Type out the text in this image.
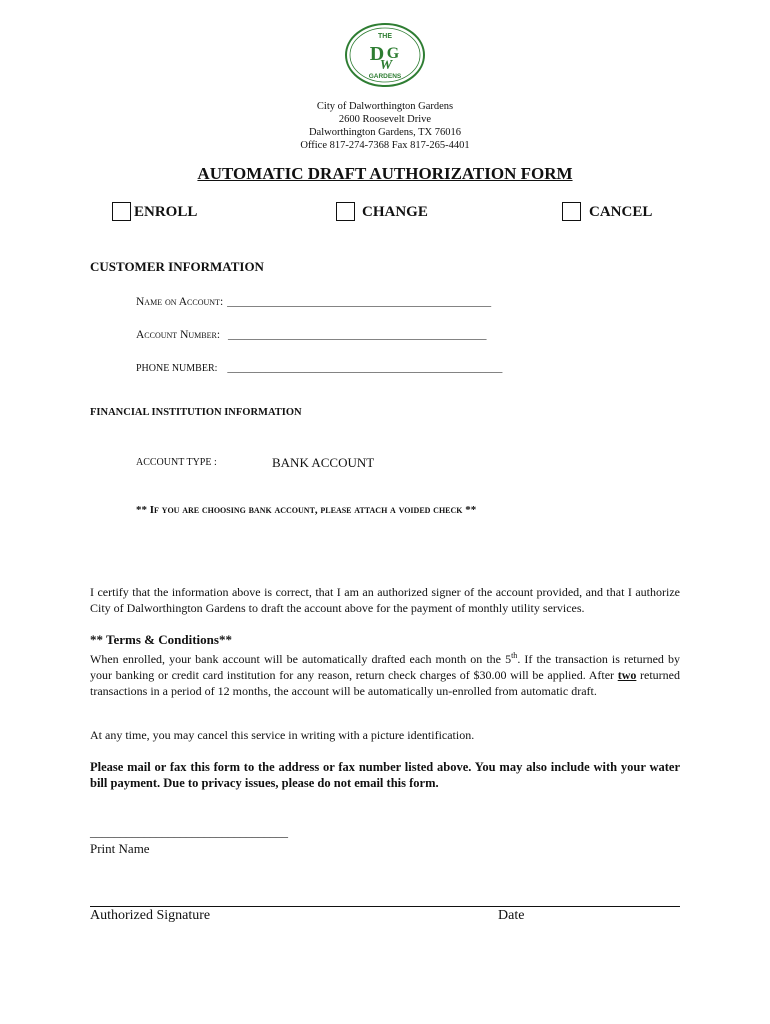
THE
D G
W
GARDENS
City of Dalworthington Gardens
2600 Roosevelt Drive
Dalworthington Gardens, TX 76016
Office 817-274-7368 Fax 817-265-4401
AUTOMATIC DRAFT AUTHORIZATION FORM
ENROLL	CHANGE	CANCEL
CUSTOMER INFORMATION
Name on Account: ________________________________________________
Account Number: _______________________________________________
PHONE NUMBER: __________________________________________________
FINANCIAL INSTITUTION INFORMATION
ACCOUNT TYPE :	BANK ACCOUNT
** If you are choosing bank account, please attach a voided check **
I certify that the information above is correct, that I am an authorized signer of the account provided, and that I authorize City of Dalworthington Gardens to draft the account above for the payment of monthly utility services.
** Terms & Conditions**
When enrolled, your bank account will be automatically drafted each month on the 5th. If the transaction is returned by your banking or credit card institution for any reason, return check charges of $30.00 will be applied. After two returned transactions in a period of 12 months, the account will be automatically un-enrolled from automatic draft.
At any time, you may cancel this service in writing with a picture identification.
Please mail or fax this form to the address or fax number listed above. You may also include with your water bill payment. Due to privacy issues, please do not email this form.
_________________________________
Print Name
Authorized Signature	Date
